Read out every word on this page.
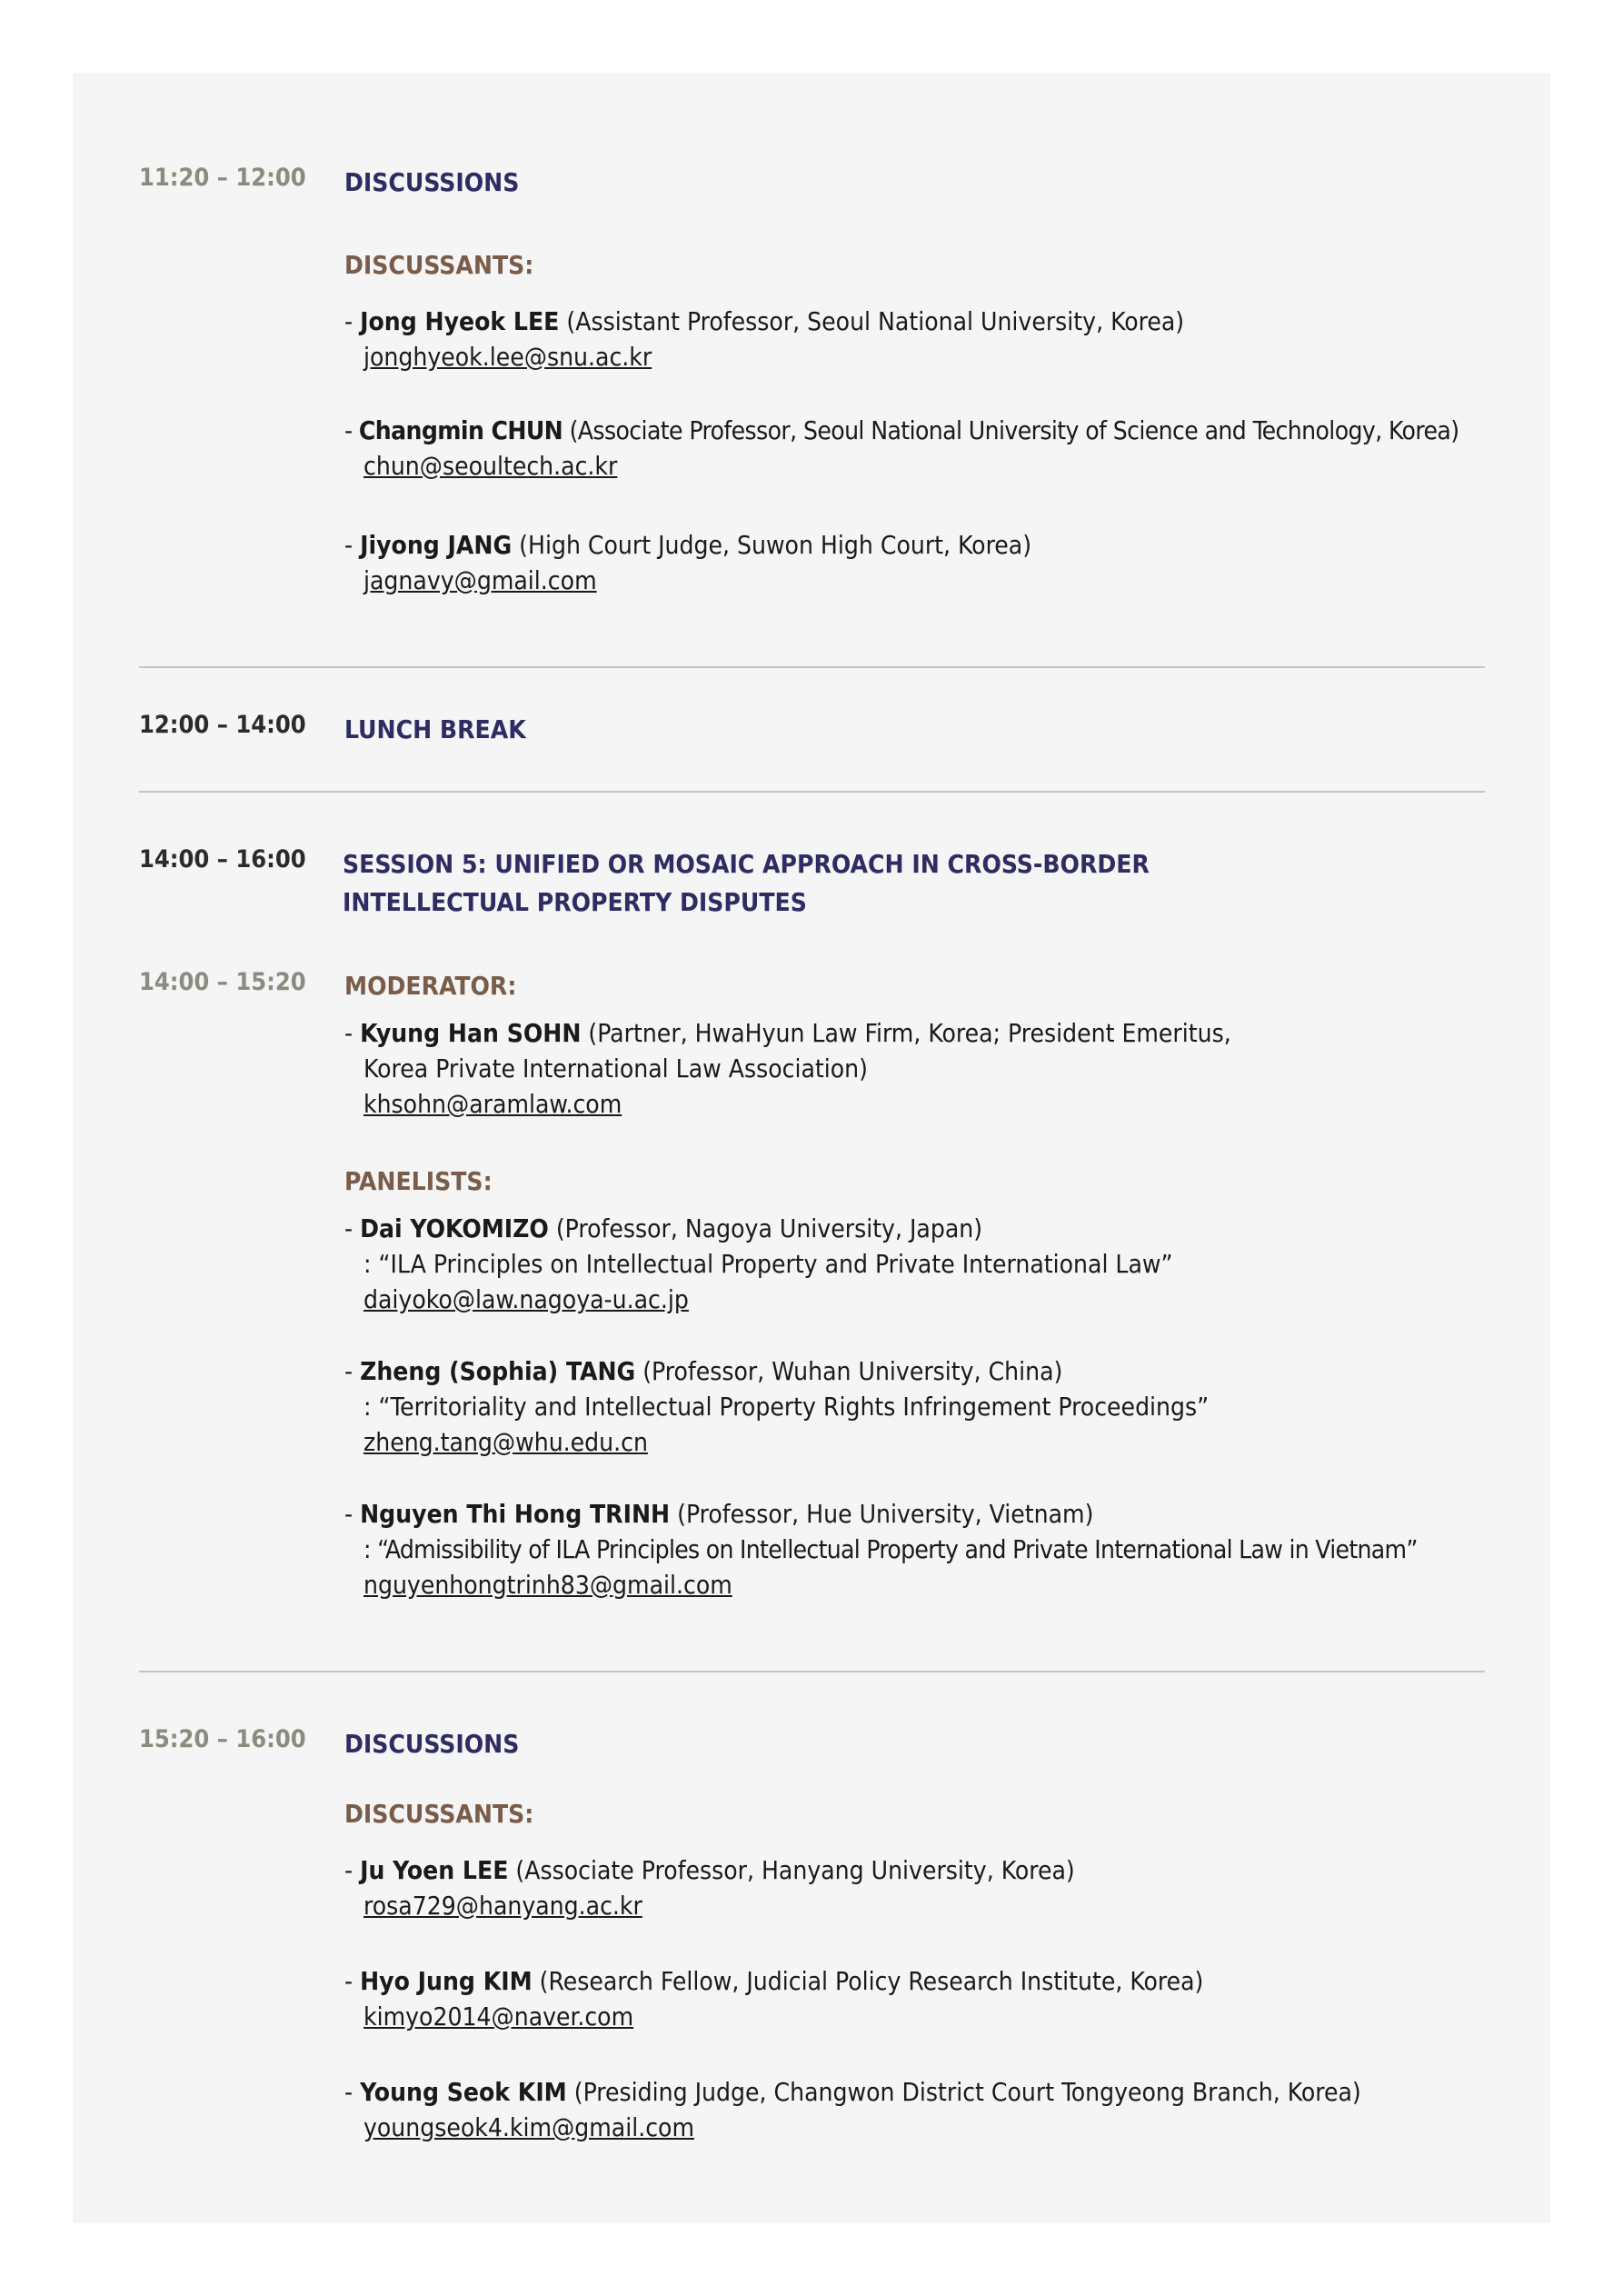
11:20 – 12:00	DISCUSSIONS
DISCUSSANTS:
- Jong Hyeok LEE (Assistant Professor, Seoul National University, Korea)
jonghyeok.lee@snu.ac.kr
- Changmin CHUN (Associate Professor, Seoul National University of Science and Technology, Korea)
chun@seoultech.ac.kr
- Jiyong JANG (High Court Judge, Suwon High Court, Korea)
jagnavy@gmail.com
12:00 – 14:00	LUNCH BREAK
14:00 – 16:00	SESSION 5: UNIFIED OR MOSAIC APPROACH IN CROSS-BORDER
INTELLECTUAL PROPERTY DISPUTES
14:00 – 15:20	MODERATOR:
- Kyung Han SOHN (Partner, HwaHyun Law Firm, Korea; President Emeritus,
Korea Private International Law Association)
khsohn@aramlaw.com
PANELISTS:
- Dai YOKOMIZO (Professor, Nagoya University, Japan)
: “ILA Principles on Intellectual Property and Private International Law”
daiyoko@law.nagoya-u.ac.jp
- Zheng (Sophia) TANG (Professor, Wuhan University, China)
: “Territoriality and Intellectual Property Rights Infringement Proceedings”
zheng.tang@whu.edu.cn
- Nguyen Thi Hong TRINH (Professor, Hue University, Vietnam)
: “Admissibility of ILA Principles on Intellectual Property and Private International Law in Vietnam”
nguyenhongtrinh83@gmail.com
15:20 – 16:00	DISCUSSIONS
DISCUSSANTS:
- Ju Yoen LEE (Associate Professor, Hanyang University, Korea)
rosa729@hanyang.ac.kr
- Hyo Jung KIM (Research Fellow, Judicial Policy Research Institute, Korea)
kimyo2014@naver.com
- Young Seok KIM (Presiding Judge, Changwon District Court Tongyeong Branch, Korea)
youngseok4.kim@gmail.com
